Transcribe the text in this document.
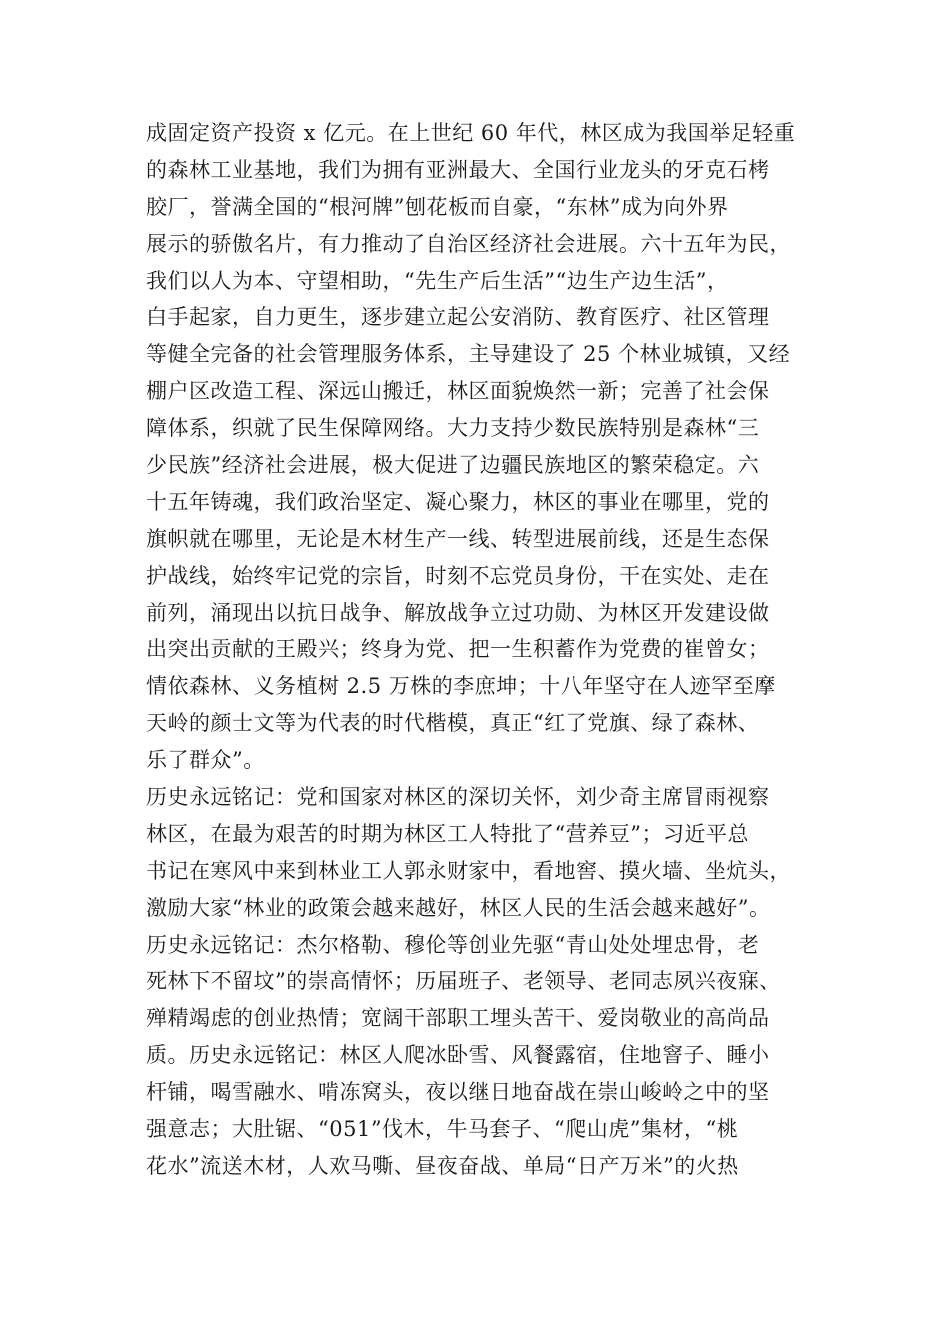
成固定资产投资 x 亿元。在上世纪 60 年代，林区成为我国举足轻重
的森林工业基地，我们为拥有亚洲最大、全国行业龙头的牙克石栲
胶厂，誉满全国的“根河牌”刨花板而自豪，“东林”成为向外界
展示的骄傲名片，有力推动了自治区经济社会进展。六十五年为民，
我们以人为本、守望相助，“先生产后生活”“边生产边生活”，
白手起家，自力更生，逐步建立起公安消防、教育医疗、社区管理
等健全完备的社会管理服务体系，主导建设了 25 个林业城镇，又经
棚户区改造工程、深远山搬迁，林区面貌焕然一新；完善了社会保
障体系，织就了民生保障网络。大力支持少数民族特别是森林“三
少民族”经济社会进展，极大促进了边疆民族地区的繁荣稳定。六
十五年铸魂，我们政治坚定、凝心聚力，林区的事业在哪里，党的
旗帜就在哪里，无论是木材生产一线、转型进展前线，还是生态保
护战线，始终牢记党的宗旨，时刻不忘党员身份，干在实处、走在
前列，涌现出以抗日战争、解放战争立过功勋、为林区开发建设做
出突出贡献的王殿兴；终身为党、把一生积蓄作为党费的崔曾女；
情依森林、义务植树 2.5 万株的李庶坤；十八年坚守在人迹罕至摩
天岭的颜士文等为代表的时代楷模，真正“红了党旗、绿了森林、
乐了群众”。
历史永远铭记：党和国家对林区的深切关怀，刘少奇主席冒雨视察
林区，在最为艰苦的时期为林区工人特批了“营养豆”；习近平总
书记在寒风中来到林业工人郭永财家中，看地窖、摸火墙、坐炕头，
激励大家“林业的政策会越来越好，林区人民的生活会越来越好”。
历史永远铭记：杰尔格勒、穆伦等创业先驱“青山处处埋忠骨，老
死林下不留坟”的崇高情怀；历届班子、老领导、老同志夙兴夜寐、
殚精竭虑的创业热情；宽阔干部职工埋头苦干、爱岗敬业的高尚品
质。历史永远铭记：林区人爬冰卧雪、风餐露宿，住地窨子、睡小
杆铺，喝雪融水、啃冻窝头，夜以继日地奋战在崇山峻岭之中的坚
强意志；大肚锯、“051”伐木，牛马套子、“爬山虎”集材，“桃
花水”流送木材，人欢马嘶、昼夜奋战、单局“日产万米”的火热
